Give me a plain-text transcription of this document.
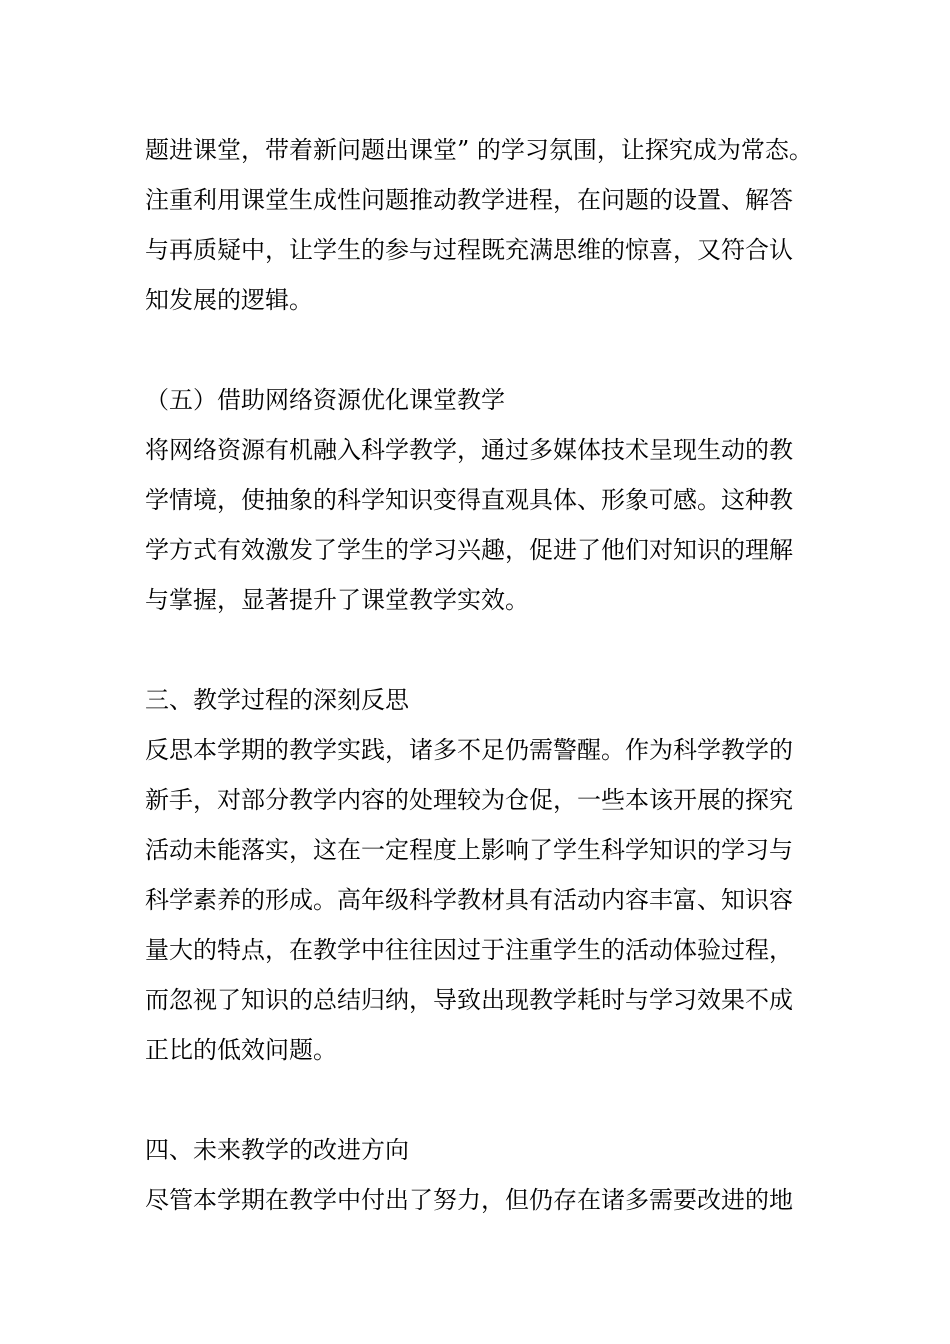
题进课堂，带着新问题出课堂” 的学习氛围，让探究成为常态。
注重利用课堂生成性问题推动教学进程，在问题的设置、解答
与再质疑中，让学生的参与过程既充满思维的惊喜，又符合认
知发展的逻辑。
（五）借助网络资源优化课堂教学
将网络资源有机融入科学教学，通过多媒体技术呈现生动的教
学情境，使抽象的科学知识变得直观具体、形象可感。这种教
学方式有效激发了学生的学习兴趣，促进了他们对知识的理解
与掌握，显著提升了课堂教学实效。
三、教学过程的深刻反思
反思本学期的教学实践，诸多不足仍需警醒。作为科学教学的
新手，对部分教学内容的处理较为仓促，一些本该开展的探究
活动未能落实，这在一定程度上影响了学生科学知识的学习与
科学素养的形成。高年级科学教材具有活动内容丰富、知识容
量大的特点，在教学中往往因过于注重学生的活动体验过程，
而忽视了知识的总结归纳，导致出现教学耗时与学习效果不成
正比的低效问题。
四、未来教学的改进方向
尽管本学期在教学中付出了努力，但仍存在诸多需要改进的地
